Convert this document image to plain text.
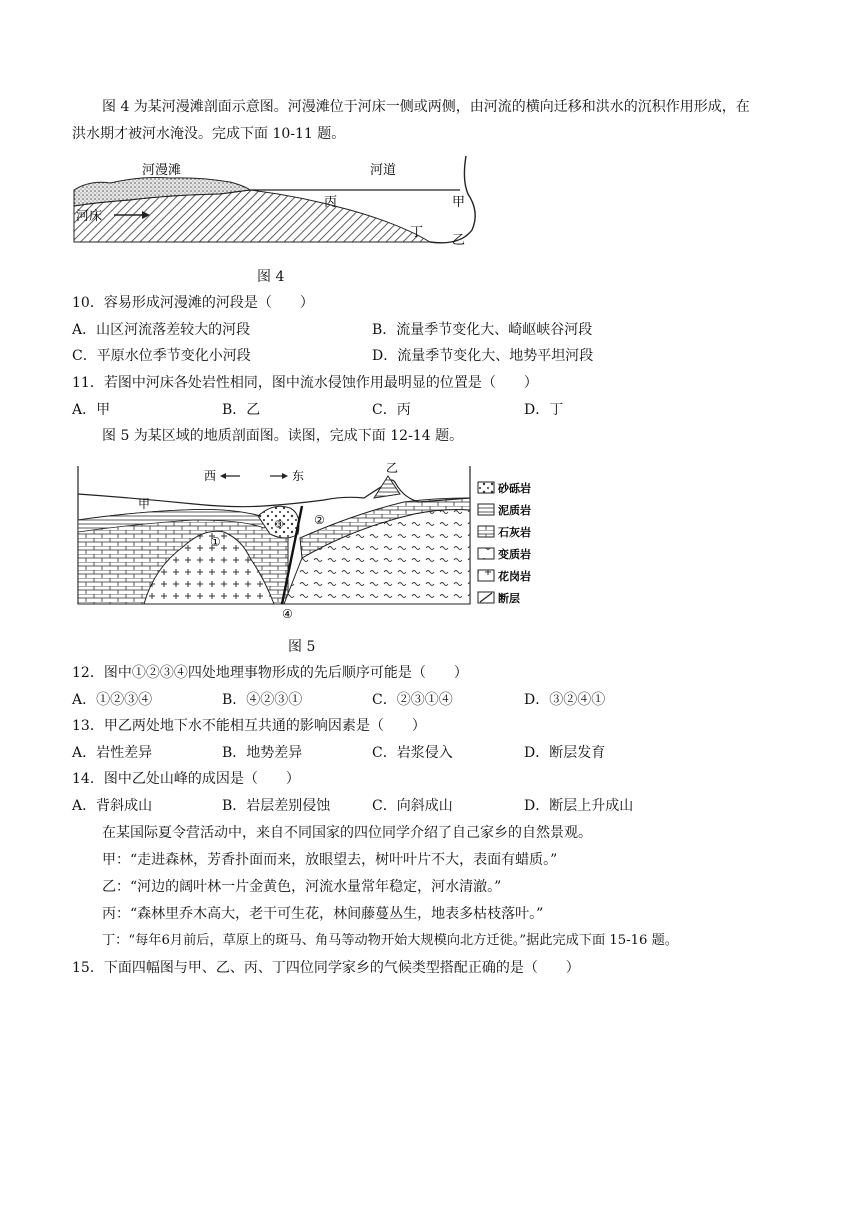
图 4 为某河漫滩剖面示意图。河漫滩位于河床一侧或两侧，由河流的横向迁移和洪水的沉积作用形成，在
洪水期才被河水淹没。完成下面 10-11 题。
河漫滩	河道
河床
丙	甲
丁
乙
图 4
10．容易形成河漫滩的河段是（　　）
A．山区河流落差较大的河段	B．流量季节变化大、崎岖峡谷河段
C．平原水位季节变化小河段	D．流量季节变化大、地势平坦河段
11．若图中河床各处岩性相同，图中流水侵蚀作用最明显的位置是（　　）
A．甲	B．乙	C．丙	D．丁
图 5 为某区域的地质剖面图。读图，完成下面 12-14 题。
西	东
甲
乙
①
②
③
④
砂砾岩
泥质岩
石灰岩
变质岩
花岗岩
断层
图 5
12．图中①②③④四处地理事物形成的先后顺序可能是（　　）
A．①②③④	B．④②③①	C．②③①④	D．③②④①
13．甲乙两处地下水不能相互共通的影响因素是（　　）
A．岩性差异	B．地势差异	C．岩浆侵入	D．断层发育
14．图中乙处山峰的成因是（　　）
A．背斜成山	B．岩层差别侵蚀	C．向斜成山	D．断层上升成山
在某国际夏令营活动中，来自不同国家的四位同学介绍了自己家乡的自然景观。
甲：“走进森林，芳香扑面而来，放眼望去，树叶叶片不大，表面有蜡质。”
乙：“河边的阔叶林一片金黄色，河流水量常年稳定，河水清澈。”
丙：“森林里乔木高大，老干可生花，林间藤蔓丛生，地表多枯枝落叶。”
丁：“每年6月前后，草原上的斑马、角马等动物开始大规模向北方迁徙。”据此完成下面 15-16 题。
15．下面四幅图与甲、乙、丙、丁四位同学家乡的气候类型搭配正确的是（　　）
